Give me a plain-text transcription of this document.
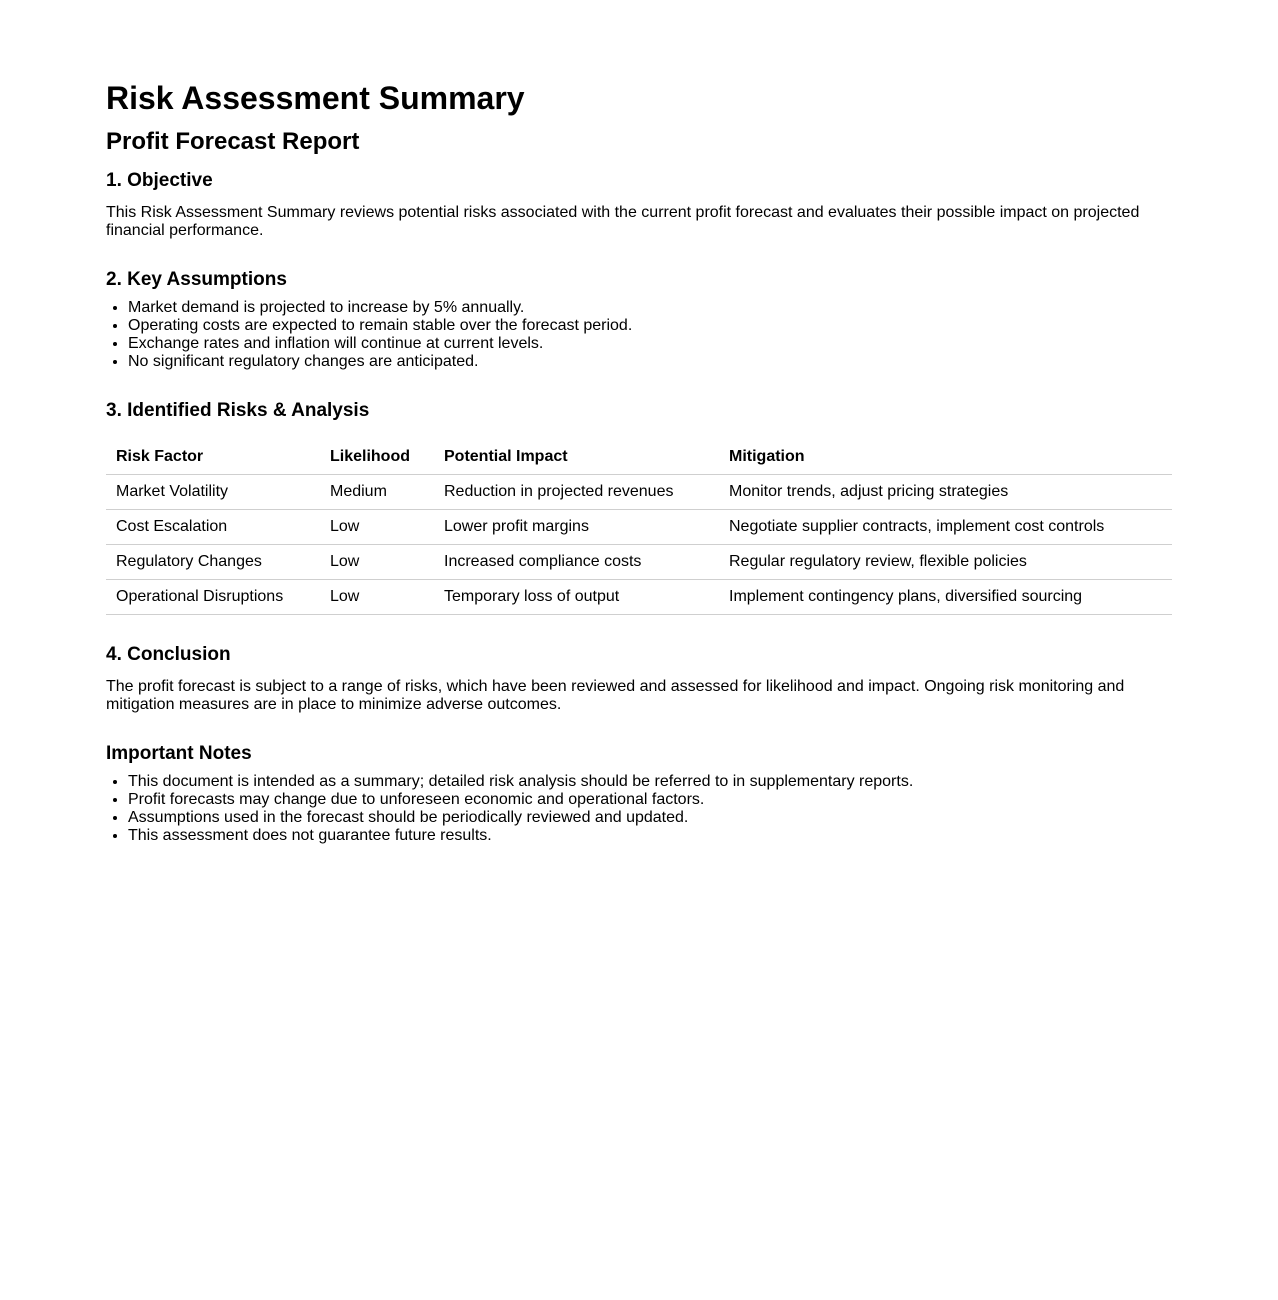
Risk Assessment Summary
Profit Forecast Report
1. Objective

This Risk Assessment Summary reviews potential risks associated with the current profit forecast and evaluates their possible impact on projected financial performance.

2. Key Assumptions
• Market demand is projected to increase by 5% annually.
• Operating costs are expected to remain stable over the forecast period.
• Exchange rates and inflation will continue at current levels.
• No significant regulatory changes are anticipated.
3. Identified Risks & Analysis
Risk Factor	Likelihood	Potential Impact	Mitigation
Market Volatility	Medium	Reduction in projected revenues	Monitor trends, adjust pricing strategies
Cost Escalation	Low	Lower profit margins	Negotiate supplier contracts, implement cost controls
Regulatory Changes	Low	Increased compliance costs	Regular regulatory review, flexible policies
Operational Disruptions	Low	Temporary loss of output	Implement contingency plans, diversified sourcing
4. Conclusion

The profit forecast is subject to a range of risks, which have been reviewed and assessed for likelihood and impact. Ongoing risk monitoring and mitigation measures are in place to minimize adverse outcomes.

Important Notes
• This document is intended as a summary; detailed risk analysis should be referred to in supplementary reports.
• Profit forecasts may change due to unforeseen economic and operational factors.
• Assumptions used in the forecast should be periodically reviewed and updated.
• This assessment does not guarantee future results.
